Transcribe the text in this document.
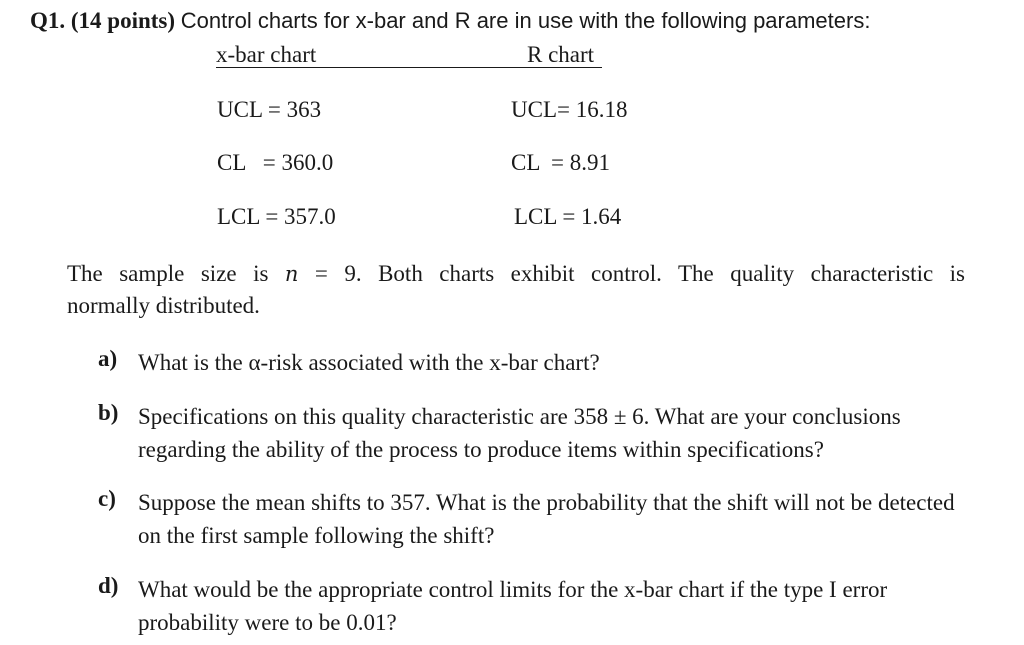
Q1. (14 points) Control charts for x-bar and R are in use with the following parameters:
x-bar chart	R chart
UCL = 363
CL   = 360.0
LCL = 357.0
UCL= 16.18
CL  = 8.91
LCL = 1.64
The sample size is n = 9. Both charts exhibit control. The quality characteristic is
normally distributed.
a) What is the α-risk associated with the x-bar chart?
b) Specifications on this quality characteristic are 358 ± 6. What are your conclusions regarding the ability of the process to produce items within specifications?
c) Suppose the mean shifts to 357. What is the probability that the shift will not be detected on the first sample following the shift?
d) What would be the appropriate control limits for the x-bar chart if the type I error probability were to be 0.01?
